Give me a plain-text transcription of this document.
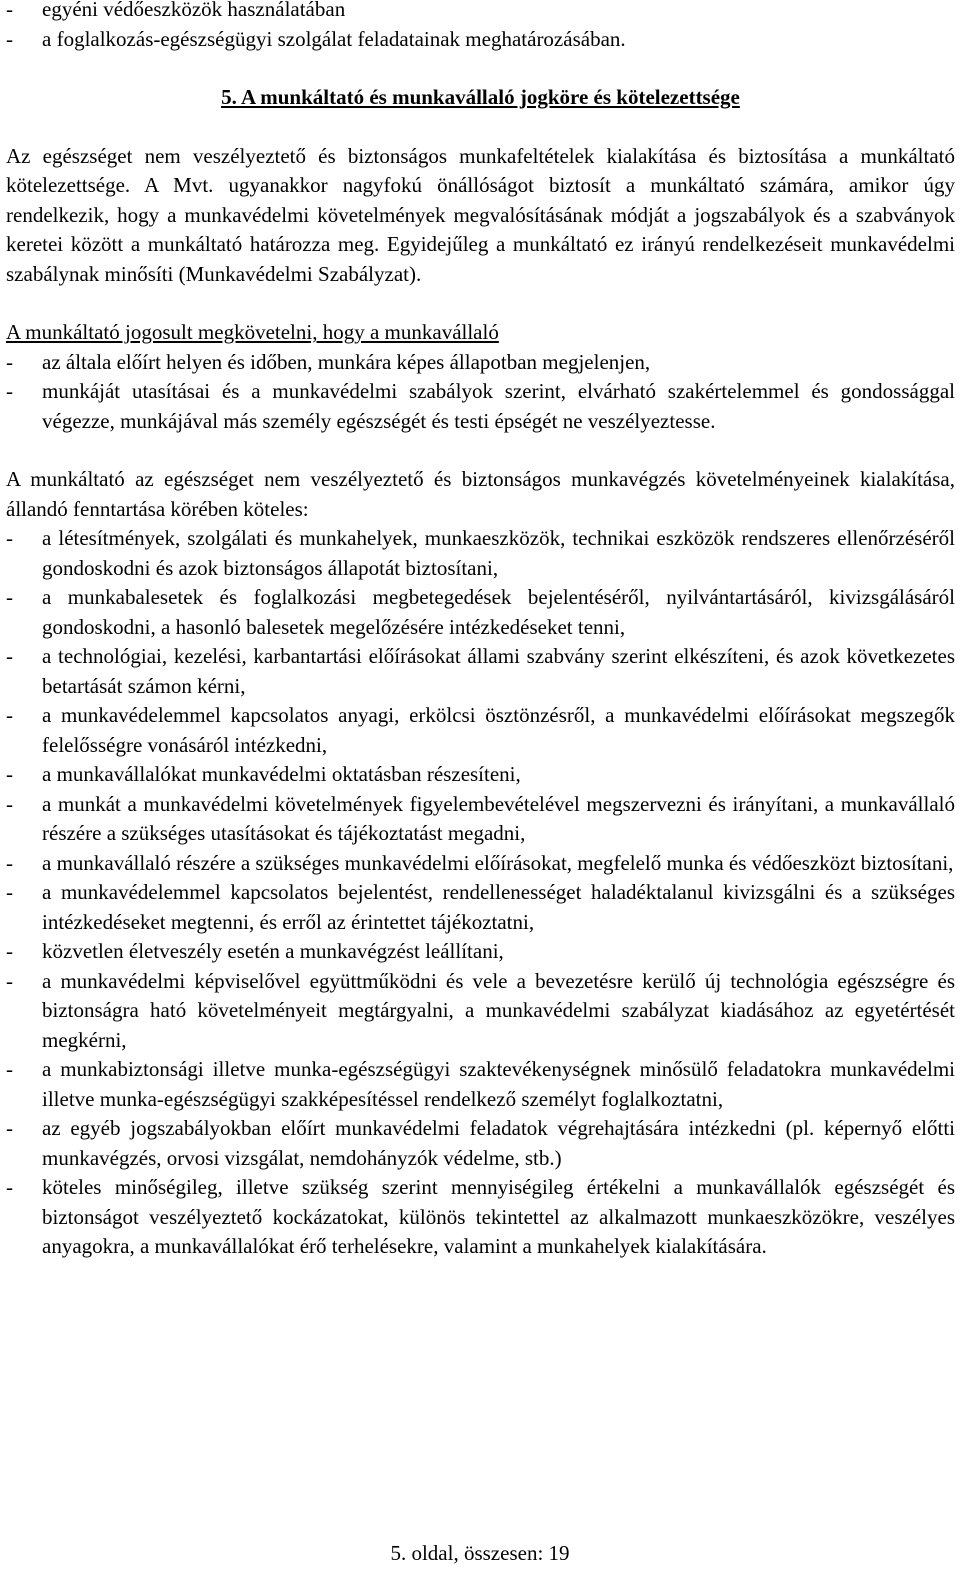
-	egyéni védőeszközök használatában
-	a foglalkozás-egészségügyi szolgálat feladatainak meghatározásában.
5. A munkáltató és munkavállaló jogköre és kötelezettsége
Az egészséget nem veszélyeztető és biztonságos munkafeltételek kialakítása és biztosítása a munkáltató kötelezettsége. A Mvt. ugyanakkor nagyfokú önállóságot biztosít a munkáltató számára, amikor úgy rendelkezik, hogy a munkavédelmi követelmények megvalósításának módját a jogszabályok és a szabványok keretei között a munkáltató határozza meg. Egyidejűleg a munkáltató ez irányú rendelkezéseit munkavédelmi szabálynak minősíti (Munkavédelmi Szabályzat).
A munkáltató jogosult megkövetelni, hogy a munkavállaló
-	az általa előírt helyen és időben, munkára képes állapotban megjelenjen,
-	munkáját utasításai és a munkavédelmi szabályok szerint, elvárható szakértelemmel és gondossággal végezze, munkájával más személy egészségét és testi épségét ne veszélyeztesse.
A munkáltató az egészséget nem veszélyeztető és biztonságos munkavégzés követelményeinek kialakítása, állandó fenntartása körében köteles:
-	a létesítmények, szolgálati és munkahelyek, munkaeszközök, technikai eszközök rendszeres ellenőrzéséről gondoskodni és azok biztonságos állapotát biztosítani,
-	a munkabalesetek és foglalkozási megbetegedések bejelentéséről, nyilvántartásáról, kivizsgálásáról gondoskodni, a hasonló balesetek megelőzésére intézkedéseket tenni,
-	a technológiai, kezelési, karbantartási előírásokat állami szabvány szerint elkészíteni, és azok következetes betartását számon kérni,
-	a munkavédelemmel kapcsolatos anyagi, erkölcsi ösztönzésről, a munkavédelmi előírásokat megszegők felelősségre vonásáról intézkedni,
-	a munkavállalókat munkavédelmi oktatásban részesíteni,
-	a munkát a munkavédelmi követelmények figyelembevételével megszervezni és irányítani, a munkavállaló részére a szükséges utasításokat és tájékoztatást megadni,
-	a munkavállaló részére a szükséges munkavédelmi előírásokat, megfelelő munka és védőeszközt biztosítani,
-	a munkavédelemmel kapcsolatos bejelentést, rendellenességet haladéktalanul kivizsgálni és a szükséges intézkedéseket megtenni, és erről az érintettet tájékoztatni,
-	közvetlen életveszély esetén a munkavégzést leállítani,
-	a munkavédelmi képviselővel együttműködni és vele a bevezetésre kerülő új technológia egészségre és biztonságra ható követelményeit megtárgyalni, a munkavédelmi szabályzat kiadásához az egyetértését megkérni,
-	a munkabiztonsági illetve munka-egészségügyi szaktevékenységnek minősülő feladatokra munkavédelmi illetve munka-egészségügyi szakképesítéssel rendelkező személyt foglalkoztatni,
-	az egyéb jogszabályokban előírt munkavédelmi feladatok végrehajtására intézkedni (pl. képernyő előtti munkavégzés, orvosi vizsgálat, nemdohányzók védelme, stb.)
-	köteles minőségileg, illetve szükség szerint mennyiségileg értékelni a munkavállalók egészségét és biztonságot veszélyeztető kockázatokat, különös tekintettel az alkalmazott munkaeszközökre, veszélyes anyagokra, a munkavállalókat érő terhelésekre, valamint a munkahelyek kialakítására.
5. oldal, összesen: 19
